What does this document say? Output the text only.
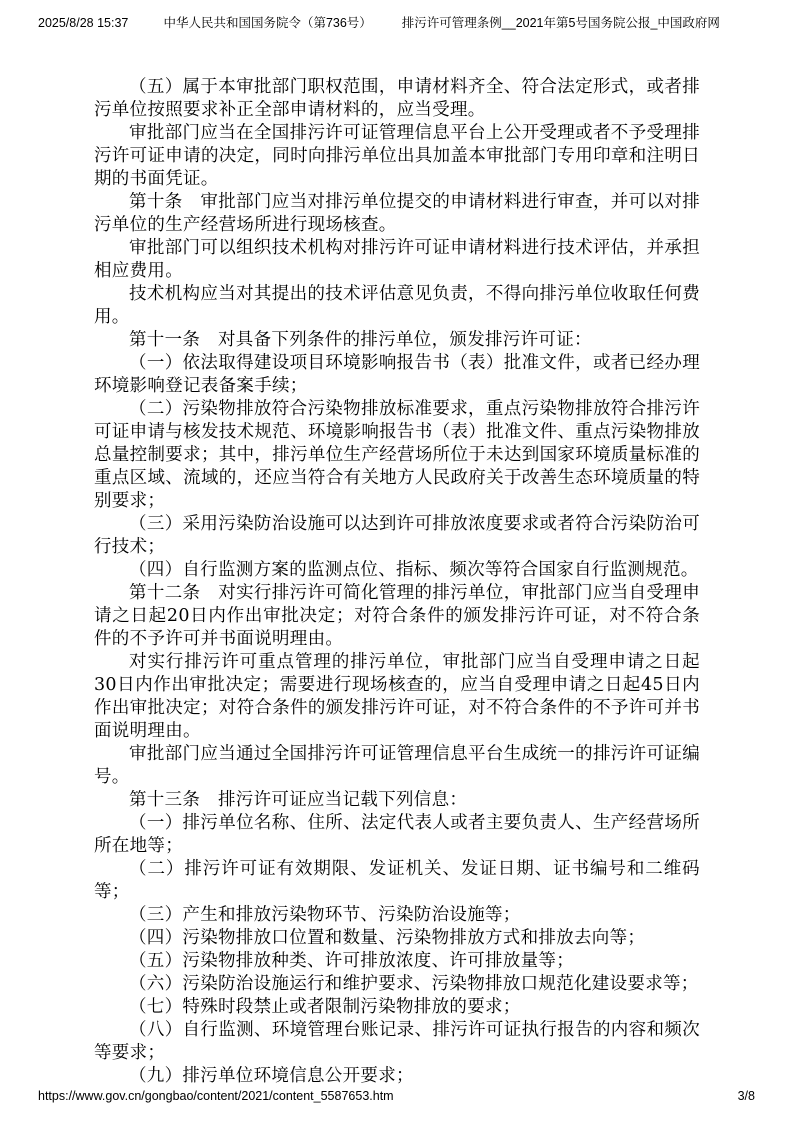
2025/8/28 15:37	中华人民共和国国务院令（第736号） 排污许可管理条例__2021年第5号国务院公报_中国政府网

（五）属于本审批部门职权范围，申请材料齐全、符合法定形式，或者排污单位按照要求补正全部申请材料的，应当受理。

审批部门应当在全国排污许可证管理信息平台上公开受理或者不予受理排污许可证申请的决定，同时向排污单位出具加盖本审批部门专用印章和注明日期的书面凭证。

第十条　审批部门应当对排污单位提交的申请材料进行审查，并可以对排污单位的生产经营场所进行现场核查。

审批部门可以组织技术机构对排污许可证申请材料进行技术评估，并承担相应费用。

技术机构应当对其提出的技术评估意见负责，不得向排污单位收取任何费用。

第十一条　对具备下列条件的排污单位，颁发排污许可证：

（一）依法取得建设项目环境影响报告书（表）批准文件，或者已经办理环境影响登记表备案手续；

（二）污染物排放符合污染物排放标准要求，重点污染物排放符合排污许可证申请与核发技术规范、环境影响报告书（表）批准文件、重点污染物排放总量控制要求；其中，排污单位生产经营场所位于未达到国家环境质量标准的重点区域、流域的，还应当符合有关地方人民政府关于改善生态环境质量的特别要求；

（三）采用污染防治设施可以达到许可排放浓度要求或者符合污染防治可行技术；

（四）自行监测方案的监测点位、指标、频次等符合国家自行监测规范。

第十二条　对实行排污许可简化管理的排污单位，审批部门应当自受理申请之日起20日内作出审批决定；对符合条件的颁发排污许可证，对不符合条件的不予许可并书面说明理由。

对实行排污许可重点管理的排污单位，审批部门应当自受理申请之日起30日内作出审批决定；需要进行现场核查的，应当自受理申请之日起45日内作出审批决定；对符合条件的颁发排污许可证，对不符合条件的不予许可并书面说明理由。

审批部门应当通过全国排污许可证管理信息平台生成统一的排污许可证编号。

第十三条　排污许可证应当记载下列信息：

（一）排污单位名称、住所、法定代表人或者主要负责人、生产经营场所所在地等；

（二）排污许可证有效期限、发证机关、发证日期、证书编号和二维码等；

（三）产生和排放污染物环节、污染防治设施等；

（四）污染物排放口位置和数量、污染物排放方式和排放去向等；

（五）污染物排放种类、许可排放浓度、许可排放量等；

（六）污染防治设施运行和维护要求、污染物排放口规范化建设要求等；

（七）特殊时段禁止或者限制污染物排放的要求；

（八）自行监测、环境管理台账记录、排污许可证执行报告的内容和频次等要求；

（九）排污单位环境信息公开要求；

https://www.gov.cn/gongbao/content/2021/content_5587653.htm	3/8
